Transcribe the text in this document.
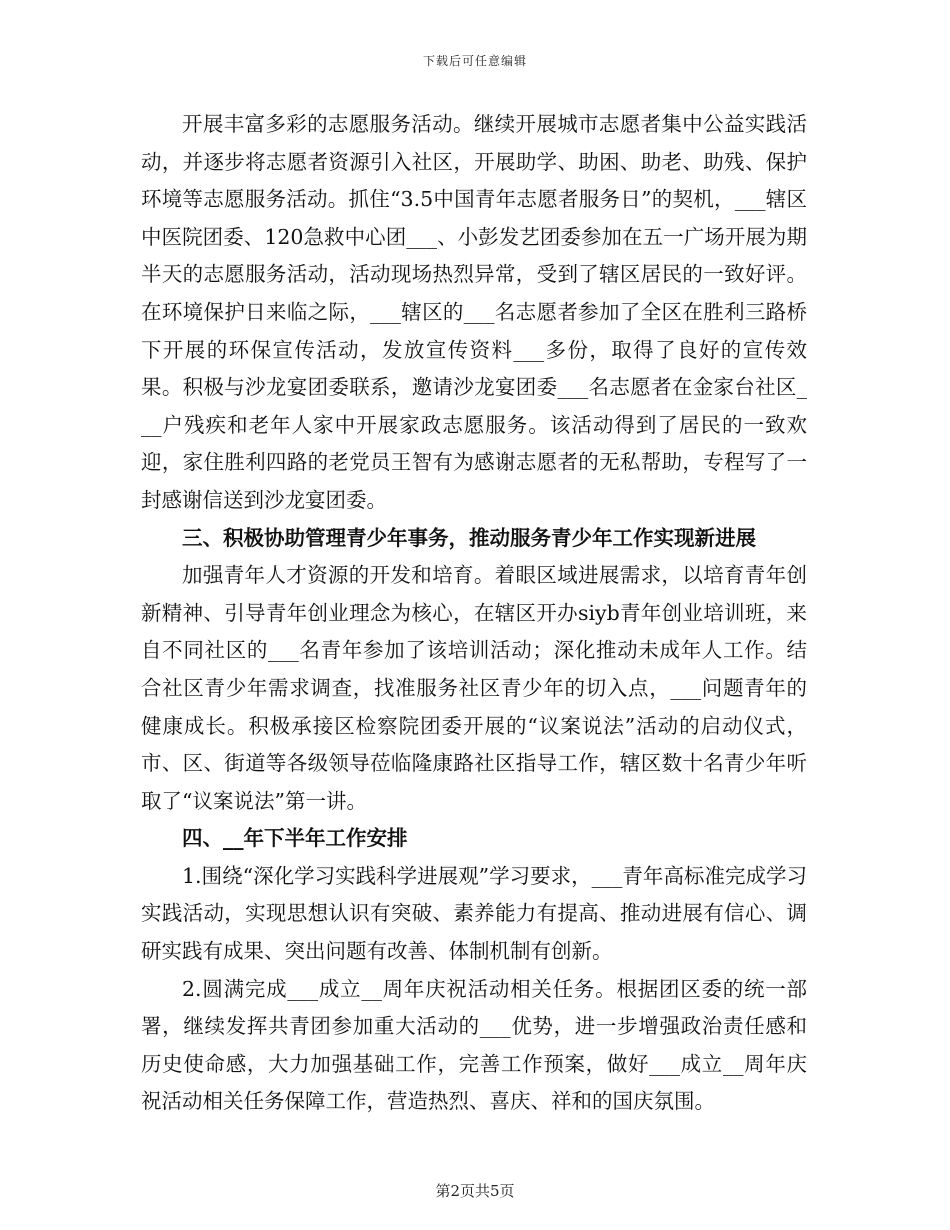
下载后可任意编辑

开展丰富多彩的志愿服务活动。继续开展城市志愿者集中公益实践活动，并逐步将志愿者资源引入社区，开展助学、助困、助老、助残、保护环境等志愿服务活动。抓住“3.5中国青年志愿者服务日”的契机，___辖区中医院团委、120急救中心团___、小彭发艺团委参加在五一广场开展为期半天的志愿服务活动，活动现场热烈异常，受到了辖区居民的一致好评。在环境保护日来临之际，___辖区的___名志愿者参加了全区在胜利三路桥下开展的环保宣传活动，发放宣传资料___多份，取得了良好的宣传效果。积极与沙龙宴团委联系，邀请沙龙宴团委___名志愿者在金家台社区___户残疾和老年人家中开展家政志愿服务。该活动得到了居民的一致欢迎，家住胜利四路的老党员王智有为感谢志愿者的无私帮助，专程写了一封感谢信送到沙龙宴团委。

三、积极协助管理青少年事务，推动服务青少年工作实现新进展

加强青年人才资源的开发和培育。着眼区域进展需求，以培育青年创新精神、引导青年创业理念为核心，在辖区开办siyb青年创业培训班，来自不同社区的___名青年参加了该培训活动；深化推动未成年人工作。结合社区青少年需求调查，找准服务社区青少年的切入点，___问题青年的健康成长。积极承接区检察院团委开展的“议案说法”活动的启动仪式，市、区、街道等各级领导莅临隆康路社区指导工作，辖区数十名青少年听取了“议案说法”第一讲。

四、__年下半年工作安排

1.围绕“深化学习实践科学进展观”学习要求，___青年高标准完成学习实践活动，实现思想认识有突破、素养能力有提高、推动进展有信心、调研实践有成果、突出问题有改善、体制机制有创新。

2.圆满完成___成立__周年庆祝活动相关任务。根据团区委的统一部署，继续发挥共青团参加重大活动的___优势，进一步增强政治责任感和历史使命感，大力加强基础工作，完善工作预案，做好___成立__周年庆祝活动相关任务保障工作，营造热烈、喜庆、祥和的国庆氛围。

第2页共5页
